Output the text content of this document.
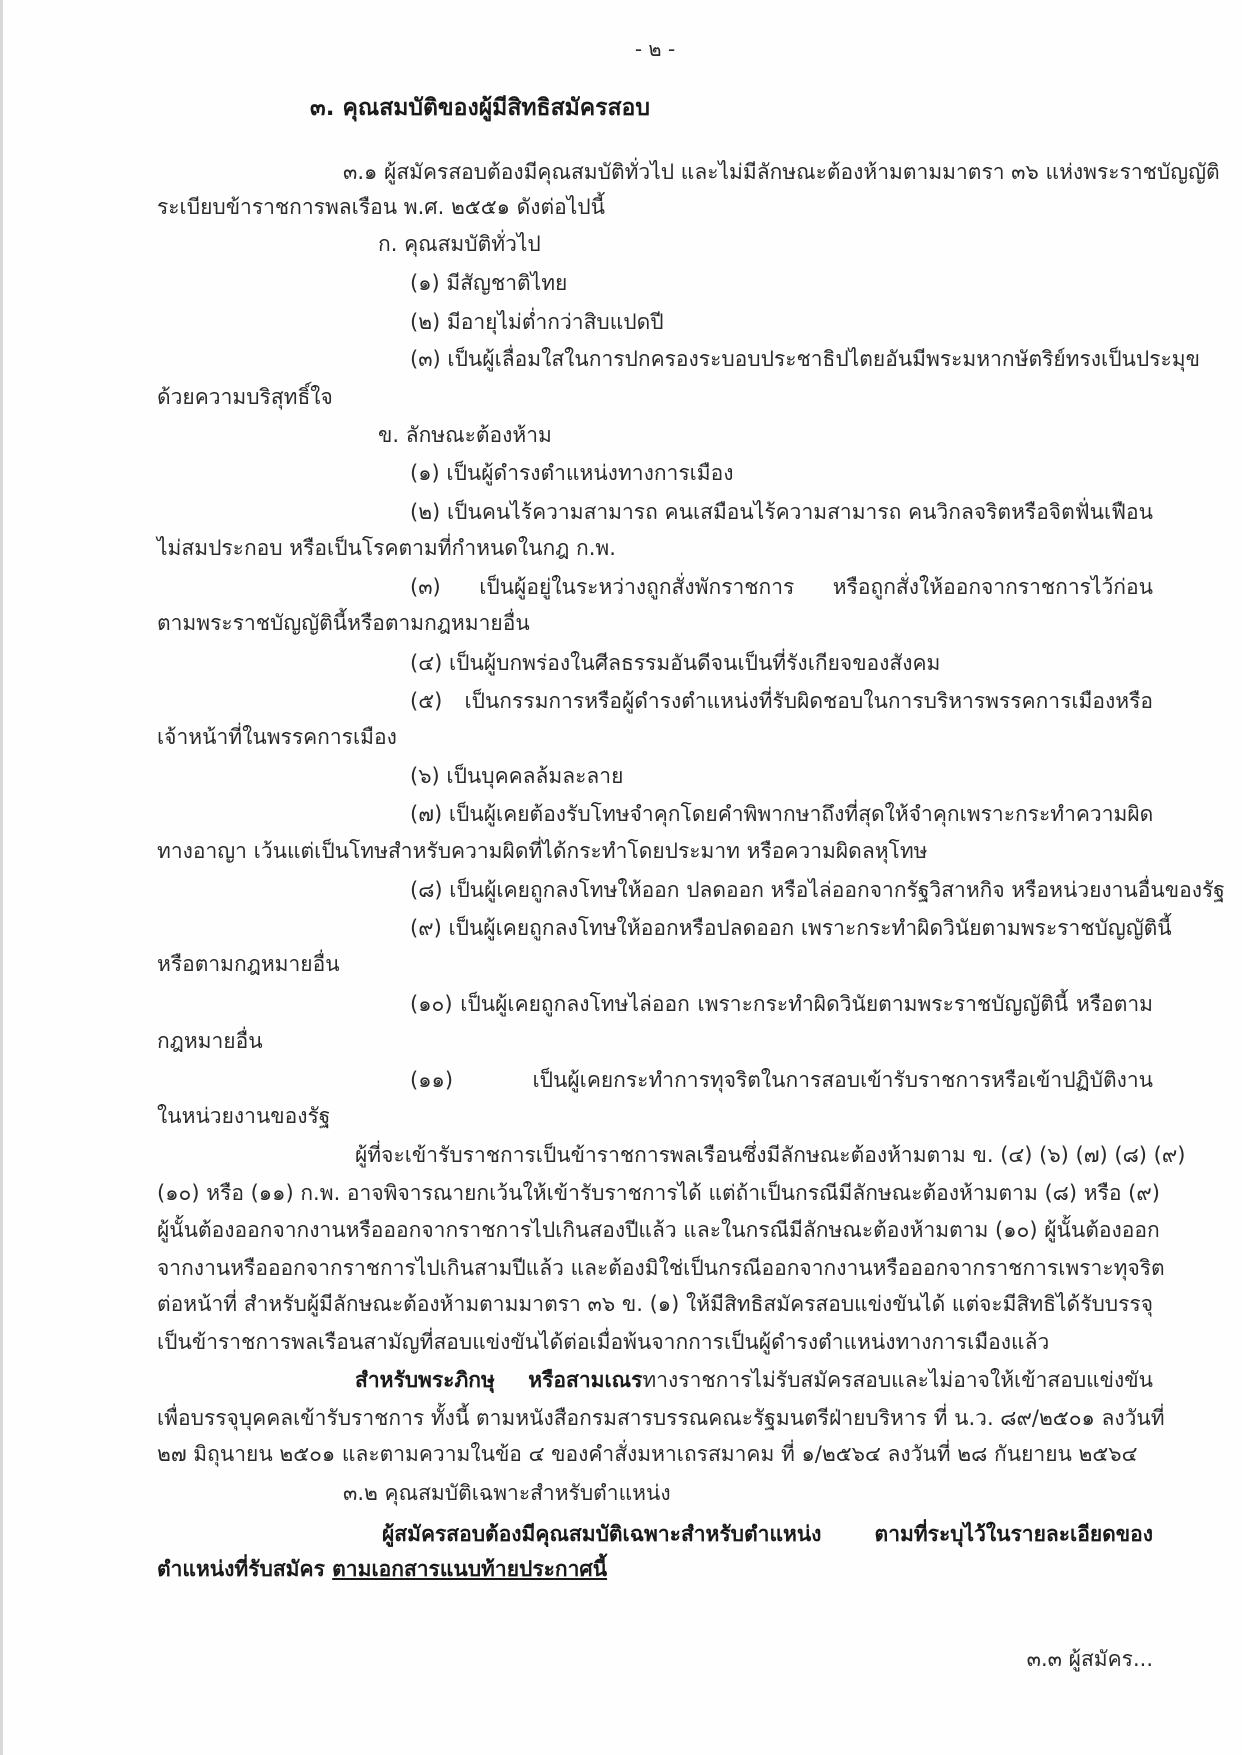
- ๒ -
๓. คุณสมบัติของผู้มีสิทธิสมัครสอบ
๓.๑ ผู้สมัครสอบต้องมีคุณสมบัติทั่วไป และไม่มีลักษณะต้องห้ามตามมาตรา ๓๖ แห่งพระราชบัญญัติ
ระเบียบข้าราชการพลเรือน พ.ศ. ๒๕๕๑ ดังต่อไปนี้
ก. คุณสมบัติทั่วไป
(๑) มีสัญชาติไทย
(๒) มีอายุไม่ต่ำกว่าสิบแปดปี
(๓) เป็นผู้เลื่อมใสในการปกครองระบอบประชาธิปไตยอันมีพระมหากษัตริย์ทรงเป็นประมุข
ด้วยความบริสุทธิ์ใจ
ข. ลักษณะต้องห้าม
(๑) เป็นผู้ดำรงตำแหน่งทางการเมือง
(๒) เป็นคนไร้ความสามารถ คนเสมือนไร้ความสามารถ คนวิกลจริตหรือจิตฟั่นเฟือน
ไม่สมประกอบ หรือเป็นโรคตามที่กำหนดในกฎ ก.พ.
(๓) เป็นผู้อยู่ในระหว่างถูกสั่งพักราชการ หรือถูกสั่งให้ออกจากราชการไว้ก่อน
ตามพระราชบัญญัตินี้หรือตามกฎหมายอื่น
(๔) เป็นผู้บกพร่องในศีลธรรมอันดีจนเป็นที่รังเกียจของสังคม
(๕) เป็นกรรมการหรือผู้ดำรงตำแหน่งที่รับผิดชอบในการบริหารพรรคการเมืองหรือ
เจ้าหน้าที่ในพรรคการเมือง
(๖) เป็นบุคคลล้มละลาย
(๗) เป็นผู้เคยต้องรับโทษจำคุกโดยคำพิพากษาถึงที่สุดให้จำคุกเพราะกระทำความผิด
ทางอาญา เว้นแต่เป็นโทษสำหรับความผิดที่ได้กระทำโดยประมาท หรือความผิดลหุโทษ
(๘) เป็นผู้เคยถูกลงโทษให้ออก ปลดออก หรือไล่ออกจากรัฐวิสาหกิจ หรือหน่วยงานอื่นของรัฐ
(๙) เป็นผู้เคยถูกลงโทษให้ออกหรือปลดออก เพราะกระทำผิดวินัยตามพระราชบัญญัตินี้
หรือตามกฎหมายอื่น
(๑๐) เป็นผู้เคยถูกลงโทษไล่ออก เพราะกระทำผิดวินัยตามพระราชบัญญัตินี้ หรือตาม
กฎหมายอื่น
(๑๑) เป็นผู้เคยกระทำการทุจริตในการสอบเข้ารับราชการหรือเข้าปฏิบัติงาน
ในหน่วยงานของรัฐ
ผู้ที่จะเข้ารับราชการเป็นข้าราชการพลเรือนซึ่งมีลักษณะต้องห้ามตาม ข. (๔) (๖) (๗) (๘) (๙)
(๑๐) หรือ (๑๑) ก.พ. อาจพิจารณายกเว้นให้เข้ารับราชการได้ แต่ถ้าเป็นกรณีมีลักษณะต้องห้ามตาม (๘) หรือ (๙)
ผู้นั้นต้องออกจากงานหรือออกจากราชการไปเกินสองปีแล้ว และในกรณีมีลักษณะต้องห้ามตาม (๑๐) ผู้นั้นต้องออก
จากงานหรือออกจากราชการไปเกินสามปีแล้ว และต้องมิใช่เป็นกรณีออกจากงานหรือออกจากราชการเพราะทุจริต
ต่อหน้าที่ สำหรับผู้มีลักษณะต้องห้ามตามมาตรา ๓๖ ข. (๑) ให้มีสิทธิสมัครสอบแข่งขันได้ แต่จะมีสิทธิได้รับบรรจุ
เป็นข้าราชการพลเรือนสามัญที่สอบแข่งขันได้ต่อเมื่อพ้นจากการเป็นผู้ดำรงตำแหน่งทางการเมืองแล้ว
สำหรับพระภิกษุ หรือสามเณรทางราชการไม่รับสมัครสอบและไม่อาจให้เข้าสอบแข่งขัน
เพื่อบรรจุบุคคลเข้ารับราชการ ทั้งนี้ ตามหนังสือกรมสารบรรณคณะรัฐมนตรีฝ่ายบริหาร ที่ น.ว. ๘๙/๒๕๐๑ ลงวันที่
๒๗ มิถุนายน ๒๕๐๑ และตามความในข้อ ๔ ของคำสั่งมหาเถรสมาคม ที่ ๑/๒๕๖๔ ลงวันที่ ๒๘ กันยายน ๒๕๖๔
๓.๒ คุณสมบัติเฉพาะสำหรับตำแหน่ง
ผู้สมัครสอบต้องมีคุณสมบัติเฉพาะสำหรับตำแหน่ง ตามที่ระบุไว้ในรายละเอียดของ
ตำแหน่งที่รับสมัคร ตามเอกสารแนบท้ายประกาศนี้
๓.๓ ผู้สมัคร...
